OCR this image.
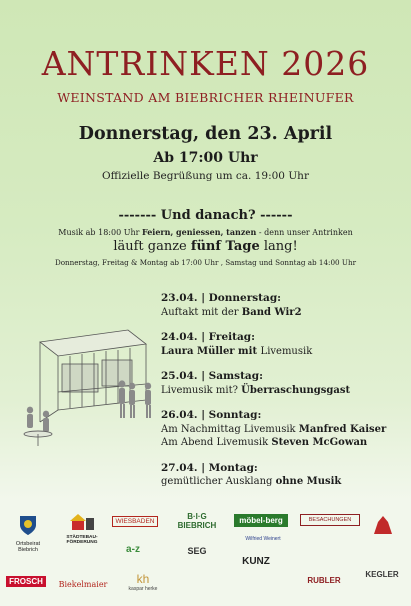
ANTRINKEN 2026
WEINSTAND AM BIEBRICHER RHEINUFER
Donnerstag, den 23. April
Ab 17:00 Uhr
Offizielle Begrüßung um ca. 19:00 Uhr
------- Und danach? ------
Musik ab 18:00 Uhr Feiern, geniessen, tanzen - denn unser Antrinken
läuft ganze fünf Tage lang!
Donnerstag, Freitag & Montag ab 17:00 Uhr , Samstag und Sonntag ab 14:00 Uhr
23.04. | Donnerstag:
Auftakt mit der Band Wir2
24.04. | Freitag:
Laura Müller mit Livemusik
25.04. | Samstag:
Livemusik mit? Überraschungsgast
26.04. | Sonntag:
Am Nachmittag Livemusik Manfred Kaiser
Am Abend Livemusik Steven McGowan
27.04. | Montag:
gemütlicher Ausklang ohne Musik
Ortsbeirat Biebrich
STÄDTEBAU-FÖRDERUNG
WIESBADEN
B·I·G BIEBRICH
möbel-berg	BESACHUNGEN
a-z	SEG
Wilfried Weinert
KUNZ
FROSCH	Biekelmaier	kh
kaspar herke
RUBLER
KEGLER
